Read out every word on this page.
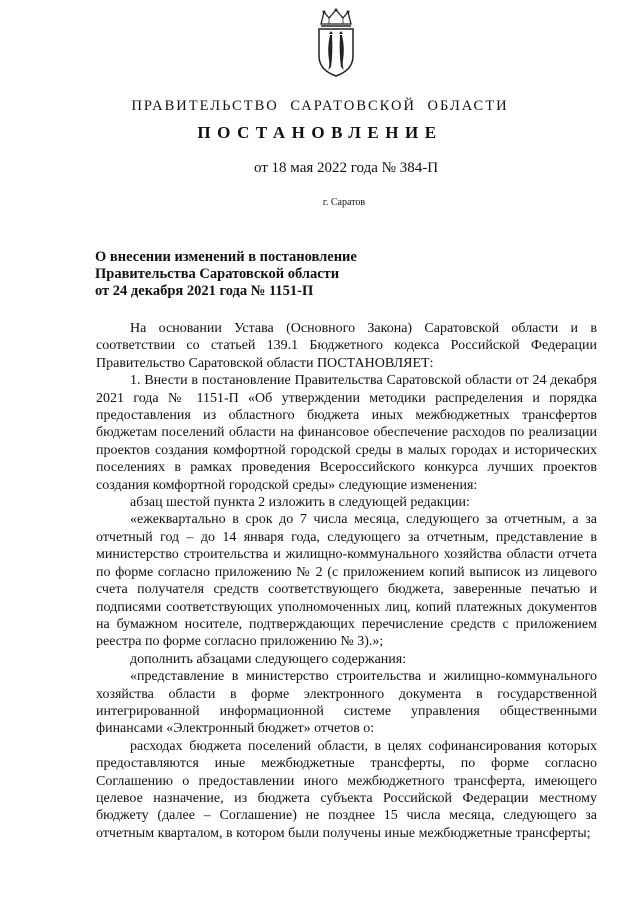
ПРАВИТЕЛЬСТВО САРАТОВСКОЙ ОБЛАСТИ
ПОСТАНОВЛЕНИЕ
от 18 мая 2022 года № 384-П
г. Саратов
О внесении изменений в постановление
Правительства Саратовской области
от 24 декабря 2021 года № 1151-П

На основании Устава (Основного Закона) Саратовской области и в соответствии со статьей 139.1 Бюджетного кодекса Российской Федерации Правительство Саратовской области ПОСТАНОВЛЯЕТ:

1. Внести в постановление Правительства Саратовской области от 24 декабря 2021 года № 1151-П «Об утверждении методики распределения и порядка предоставления из областного бюджета иных межбюджетных трансфертов бюджетам поселений области на финансовое обеспечение расходов по реализации проектов создания комфортной городской среды в малых городах и исторических поселениях в рамках проведения Всероссийского конкурса лучших проектов создания комфортной городской среды» следующие изменения:

абзац шестой пункта 2 изложить в следующей редакции:

«ежеквартально в срок до 7 числа месяца, следующего за отчетным, а за отчетный год – до 14 января года, следующего за отчетным, представление в министерство строительства и жилищно-коммунального хозяйства области отчета по форме согласно приложению № 2 (с приложением копий выписок из лицевого счета получателя средств соответствующего бюджета, заверенные печатью и подписями соответствующих уполномоченных лиц, копий платежных документов на бумажном носителе, подтверждающих перечисление средств с приложением реестра по форме согласно приложению № 3).»;

дополнить абзацами следующего содержания:

«представление в министерство строительства и жилищно-коммунального хозяйства области в форме электронного документа в государственной интегрированной информационной системе управления общественными финансами «Электронный бюджет» отчетов о:

расходах бюджета поселений области, в целях софинансирования которых предоставляются иные межбюджетные трансферты, по форме согласно Соглашению о предоставлении иного межбюджетного трансферта, имеющего целевое назначение, из бюджета субъекта Российской Федерации местному бюджету (далее – Соглашение) не позднее 15 числа месяца, следующего за отчетным кварталом, в котором были получены иные межбюджетные трансферты;
